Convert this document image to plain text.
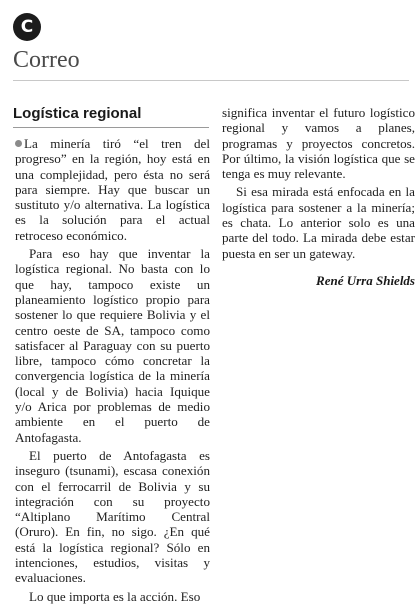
C
Correo
Logística regional

La minería tiró “el tren del progreso” en la región, hoy está en una complejidad, pero ésta no será para siempre. Hay que buscar un sustituto y/o alternativa. La logística es la solución para el actual retroceso económico.

Para eso hay que inventar la logística regional. No basta con lo que hay, tampoco existe un planeamiento logístico propio para sostener lo que requiere Bolivia y el centro oeste de SA, tampoco como satisfacer al Paraguay con su puerto libre, tampoco cómo concretar la convergencia logística de la minería (local y de Bolivia) hacia Iquique y/o Arica por problemas de medio ambiente en el puerto de Antofagasta.

El puerto de Antofagasta es inseguro (tsunami), escasa conexión con el ferrocarril de Bolivia y su integración con su proyecto “Altiplano Marítimo Central (Oruro). En fin, no sigo. ¿En qué está la logística regional? Sólo en intenciones, estudios, visitas y evaluaciones.

Lo que importa es la acción. Eso

significa inventar el futuro logístico regional y vamos a planes, programas y proyectos concretos. Por último, la visión logística que se tenga es muy relevante.

Si esa mirada está enfocada en la logística para sostener a la minería; es chata. Lo anterior solo es una parte del todo. La mirada debe estar puesta en ser un gateway.

René Urra Shields
